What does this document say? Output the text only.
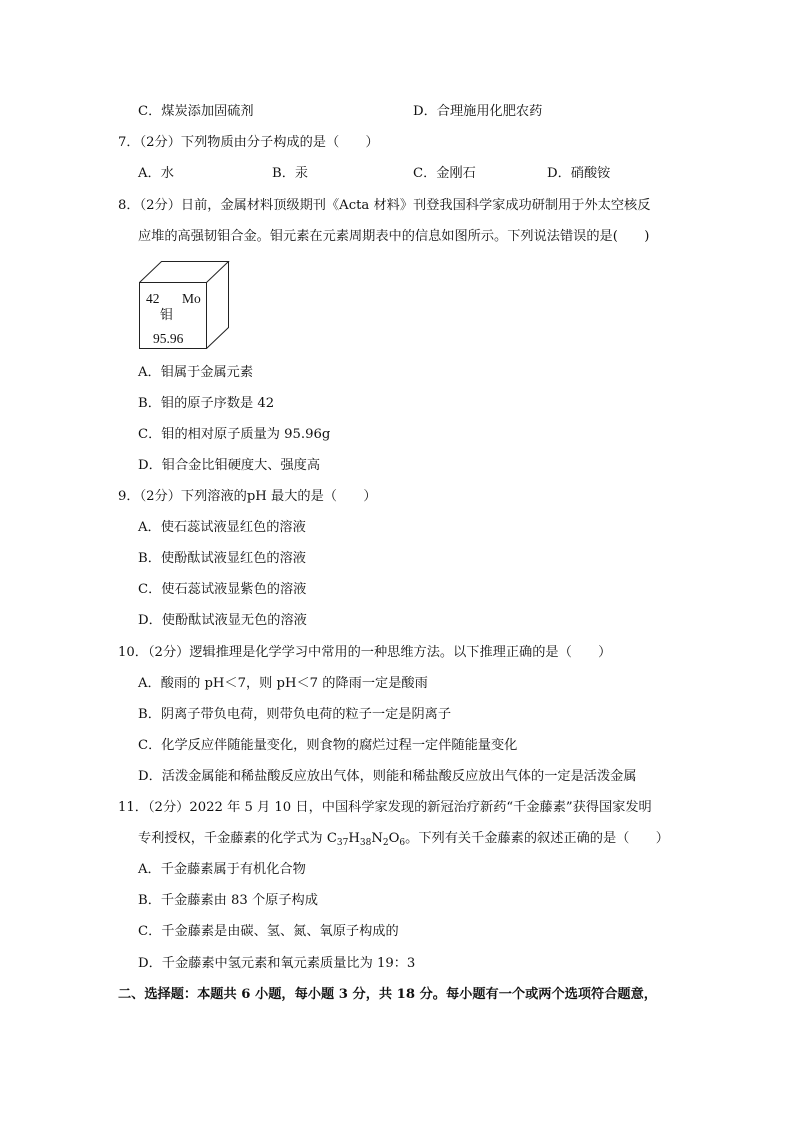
C．煤炭添加固硫剂	D．合理施用化肥农药
7．（2分）下列物质由分子构成的是（　　）
A．水	B．汞	C．金刚石	D．硝酸铵
8．（2分）日前，金属材料顶级期刊《Acta 材料》刊登我国科学家成功研制用于外太空核反
应堆的高强韧钼合金。钼元素在元素周期表中的信息如图所示。下列说法错误的是(　　)
42 Mo
钼
95.96
A．钼属于金属元素
B．钼的原子序数是 42
C．钼的相对原子质量为 95.96g
D．钼合金比钼硬度大、强度高
9．（2分）下列溶液的pH 最大的是（　　）
A．使石蕊试液显红色的溶液
B．使酚酞试液显红色的溶液
C．使石蕊试液显紫色的溶液
D．使酚酞试液显无色的溶液
10．（2分）逻辑推理是化学学习中常用的一种思维方法。以下推理正确的是（　　）
A．酸雨的 pH＜7，则 pH＜7 的降雨一定是酸雨
B．阴离子带负电荷，则带负电荷的粒子一定是阴离子
C．化学反应伴随能量变化，则食物的腐烂过程一定伴随能量变化
D．活泼金属能和稀盐酸反应放出气体，则能和稀盐酸反应放出气体的一定是活泼金属
11．（2分）2022 年 5 月 10 日，中国科学家发现的新冠治疗新药“千金藤素”获得国家发明
专利授权，千金藤素的化学式为 $C_{37}H_{38}N_2O_6$。下列有关千金藤素的叙述正确的是（　　）
A．千金藤素属于有机化合物
B．千金藤素由 83 个原子构成
C．千金藤素是由碳、氢、氮、氧原子构成的
D．千金藤素中氢元素和氧元素质量比为 19：3
二、选择题：本题共 6 小题，每小题 3 分，共 18 分。每小题有一个或两个选项符合题意，
